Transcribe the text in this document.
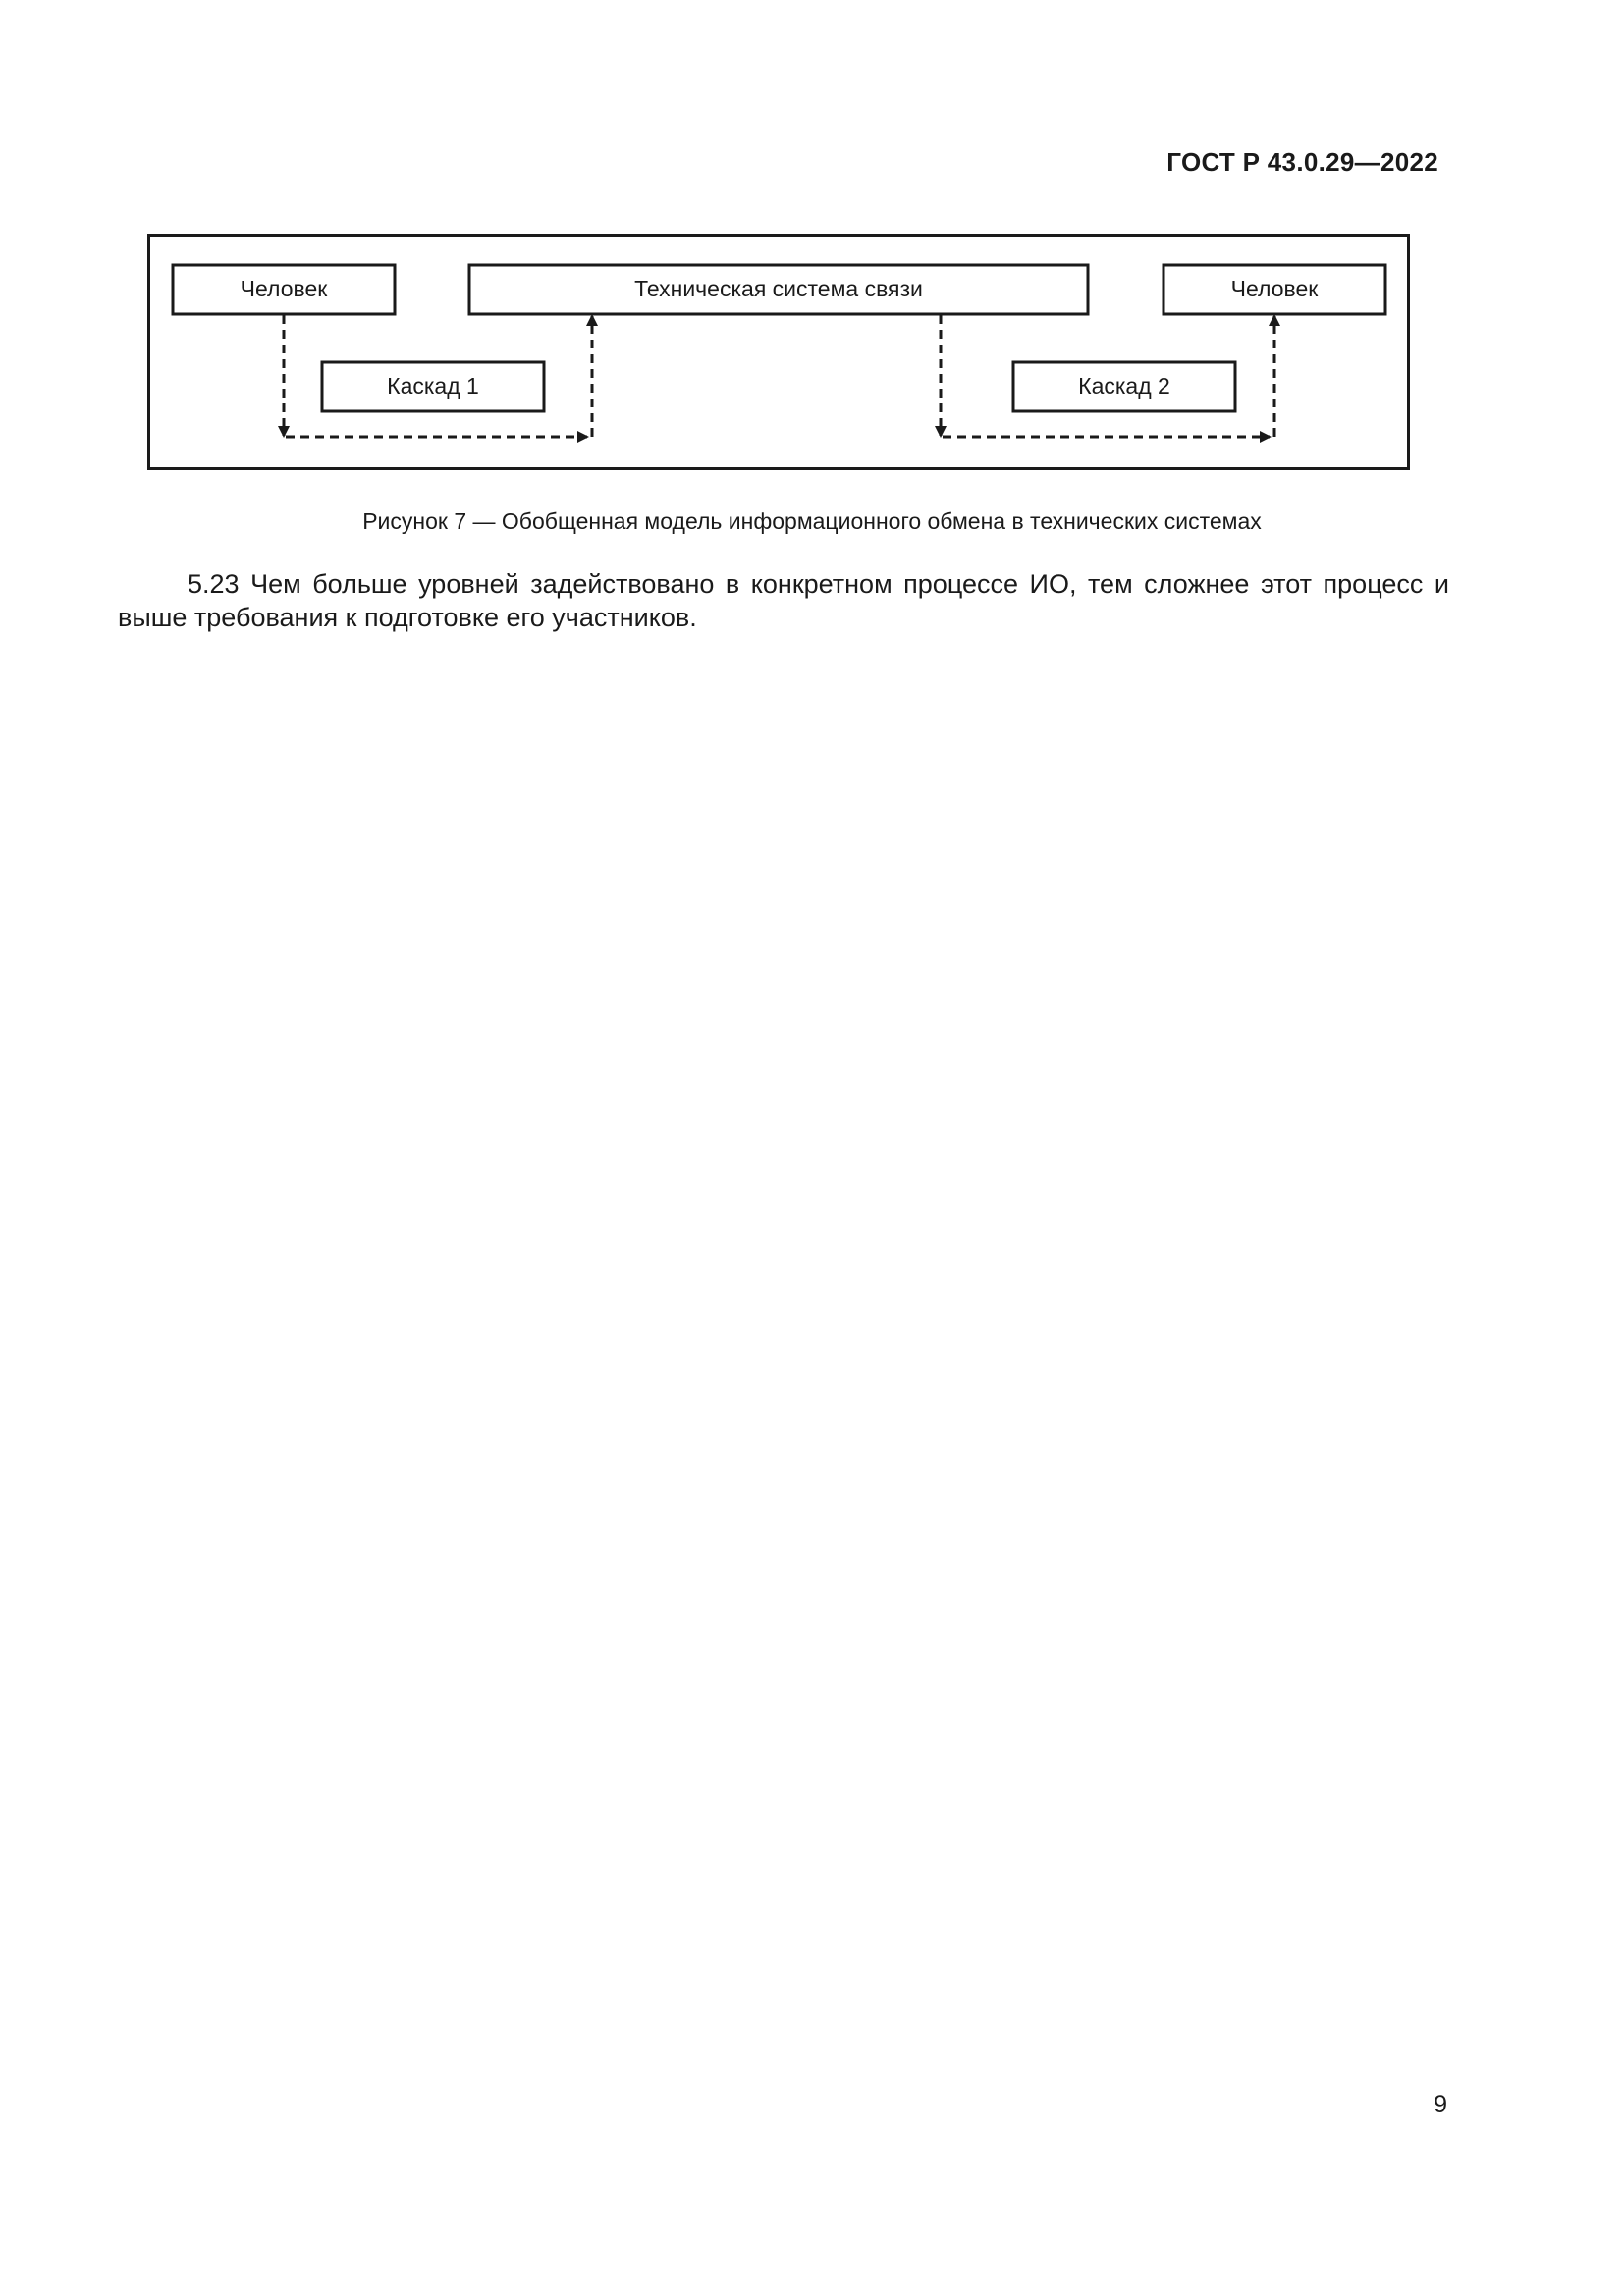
ГОСТ Р 43.0.29—2022
Человек	Техническая система связи	Человек
Каскад 1	Каскад 2
Рисунок 7 — Обобщенная модель информационного обмена в технических системах

5.23 Чем больше уровней задействовано в конкретном процессе ИО, тем сложнее этот процесс и выше требования к подготовке его участников.

9
